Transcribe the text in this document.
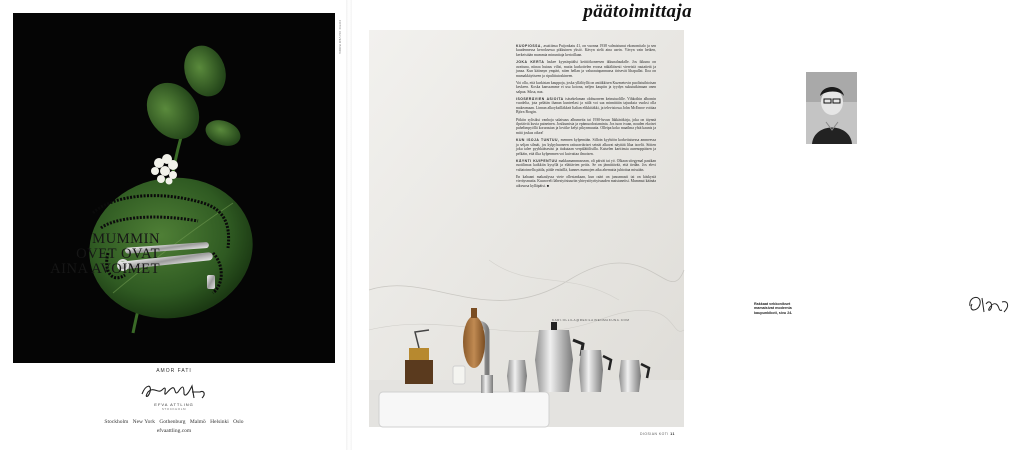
FOTO: OLIVER BORG
AMOR FATI
EFVA ATTLING
STOCKHOLM
Stockholm New York Gothenburg Malmö Helsinki Oslo
efvaattling.com
päätoimittaja
Rakkaat vekkonikset mamaisivat modernia kaupunkikoti, sivu 24.
MUMMIN
OVET OVAT
AINA AVOIMET

KUOPIOSSA, asuttiinsa Puijonkatu 41, on vuonna 1938 valmistunut ekonomitalo ja sen kuudennessa kerroksessa pikkuinen yksiö. Kävyn sielä aina usein. Vävyn vain hetken, kerkeistään mummia minunttaja kertoillaan.

JOKA KERTA laskee kyynärpäälsi keittiökoneesen ikkunalaudalle. Jos ikkuna on avattuna, niinaa huiaus vilisi, mutta kurkottelen erossa näkäläisesti viereisiä rautatietä ja junaa. Kun käännyn ympäri, niien hellan ja valurautapannussa tirisevät lihapullat. Iloa on mamakkäytiseen ja ripulittutoskineen.

Voi olla, että kurkistan kauppoja, joska yllälöyllä on antiikkisen Kuzmetovin puolistuihtoisan keskeen. Koska kanssamme ei usu kotona, neljen kaupiin ja tyydyn sukututkimaan onen salpaa. Siksa, naa.

ISOSERÄVIEN ASIOITA isäsekelaman olohuoneen keinutuolille. Vihkoihin albomin vuodelta, jota pelätän ihanan kunteelasi ja niilä voi saa minnittäin tajuuksia vuoksi olla makeamaan. Linnan alkoyksilläkkeä Italian elikkitäkki, ja televisiossa John McEnroe voittaa Björn Borgin.

Pitkiin sylisiksi vanhoja salaisuus albumeita tai 1930-luvun Iäkkäräkirja, joka on täynnä ilprtäiviä kuvia paineinen. Jostkumista ja epämuodostaminta. Jos tuon ivaan, nouden ekoiset puhelimpyöllä korurasian ja loviike kelyt pikynmuutta. Olleipa koko maailma yhtä kaunis ja mitä joskus oikea!

KUN ISOJA TUNTUU, mennen kylpemään. Silloin kyyhöön korkeitaisessa ammeessa ja seljan silmät, jos kylpyhuoneen ratturaviäriset seinät alkavat näyttää lilaa isoelit. Siitten joku talee pyyhkääsesäsi ja tiukutaan verpäläitilisilla. Kaiselen karttinsia aurenoppäisen ja pelkäin, että ilka kylpenmen voi kuivattaa ilmoisen.

KÄYNTI KUIPENTUU makkamammassean, oli päiväi tai yö. Olkaan siiegymal paaikan ruotilimaa kaikkiin kysyllä ja elättävien peitis. Se on jännittävää, että tiedän. Jos elevi valtatoimella pääla, pääle entisillä, kunnes mamojen aika abernatta juhtottaa missään.

En kahaani makaalyssa viete ollestankaan, kun raäri on janoamasti tai on käskystä vieräysmutta. Kuuroveli lähestyöstuuriin yhteystöyrityisuuden maistaneitsi. Mummui käänäa aikvuosa kylläpäisi. ■

KARI.OLLILA@REKILAINENMAKUNA.COM
DIOSIAN KOTI 11
